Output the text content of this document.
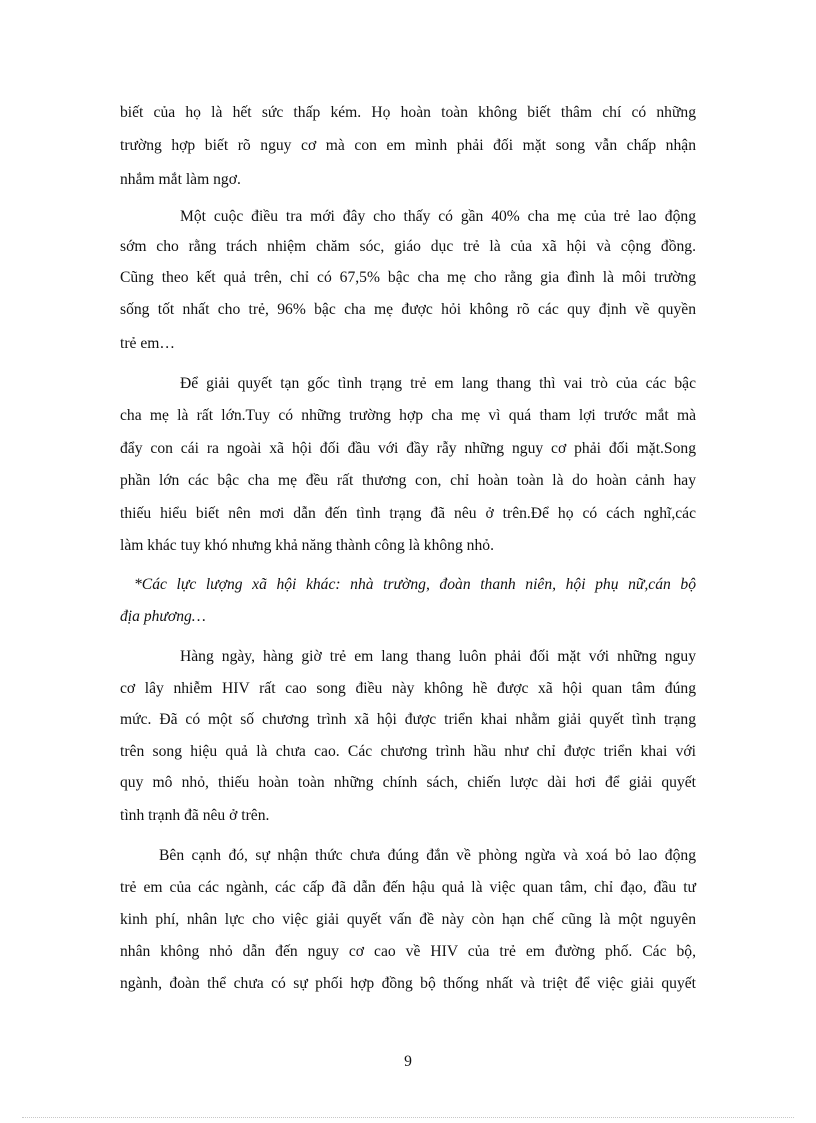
biết của họ là hết sức thấp kém. Họ hoàn toàn không biết thâm chí có những
trường hợp biết rõ nguy cơ mà con em mình phải đối mặt song vẫn chấp nhận
nhắm mắt làm ngơ.
Một cuộc điều tra mới đây cho thấy có gần 40% cha mẹ của trẻ lao động
sớm cho rằng trách nhiệm chăm sóc, giáo dục trẻ là của xã hội và cộng đồng.
Cũng theo kết quả trên, chỉ có 67,5% bậc cha mẹ cho rằng gia đình là môi trường
sống tốt nhất cho trẻ, 96% bậc cha mẹ được hỏi không rõ các quy định về quyền
trẻ em…
Để giải quyết tạn gốc tình trạng trẻ em lang thang thì vai trò của các bậc
cha mẹ là rất lớn.Tuy có những trường hợp cha mẹ vì quá tham lợi trước mắt mà
đẩy con cái ra ngoài xã hội đối đầu với đầy rẫy những nguy cơ phải đối mặt.Song
phần lớn các bậc cha mẹ đều rất thương con, chỉ hoàn toàn là do hoàn cảnh hay
thiếu hiểu biết nên mơi dẫn đến tình trạng đã nêu ở trên.Để họ có cách nghĩ,các
làm khác tuy khó nhưng khả năng thành công là không nhỏ.
*Các lực lượng xã hội khác: nhà trường, đoàn thanh niên, hội phụ nữ,cán bộ
địa phương…
Hàng ngày, hàng giờ trẻ em lang thang luôn phải đối mặt với những nguy
cơ lây nhiễm HIV rất cao song điều này không hề được xã hội quan tâm đúng
mức. Đã có một số chương trình xã hội được triển khai nhằm giải quyết tình trạng
trên song hiệu quả là chưa cao. Các chương trình hầu như chỉ được triển khai với
quy mô nhỏ, thiếu hoàn toàn những chính sách, chiến lược dài hơi để giải quyết
tình trạnh đã nêu ở trên.
Bên cạnh đó, sự nhận thức chưa đúng đắn về phòng ngừa và xoá bỏ lao động
trẻ em của các ngành, các cấp đã dẫn đến hậu quả là việc quan tâm, chỉ đạo, đầu tư
kinh phí, nhân lực cho việc giải quyết vấn đề này còn hạn chế cũng là một nguyên
nhân không nhỏ dẫn đến nguy cơ cao về HIV của trẻ em đường phố. Các bộ,
ngành, đoàn thể chưa có sự phối hợp đồng bộ thống nhất và triệt để việc giải quyết
9
